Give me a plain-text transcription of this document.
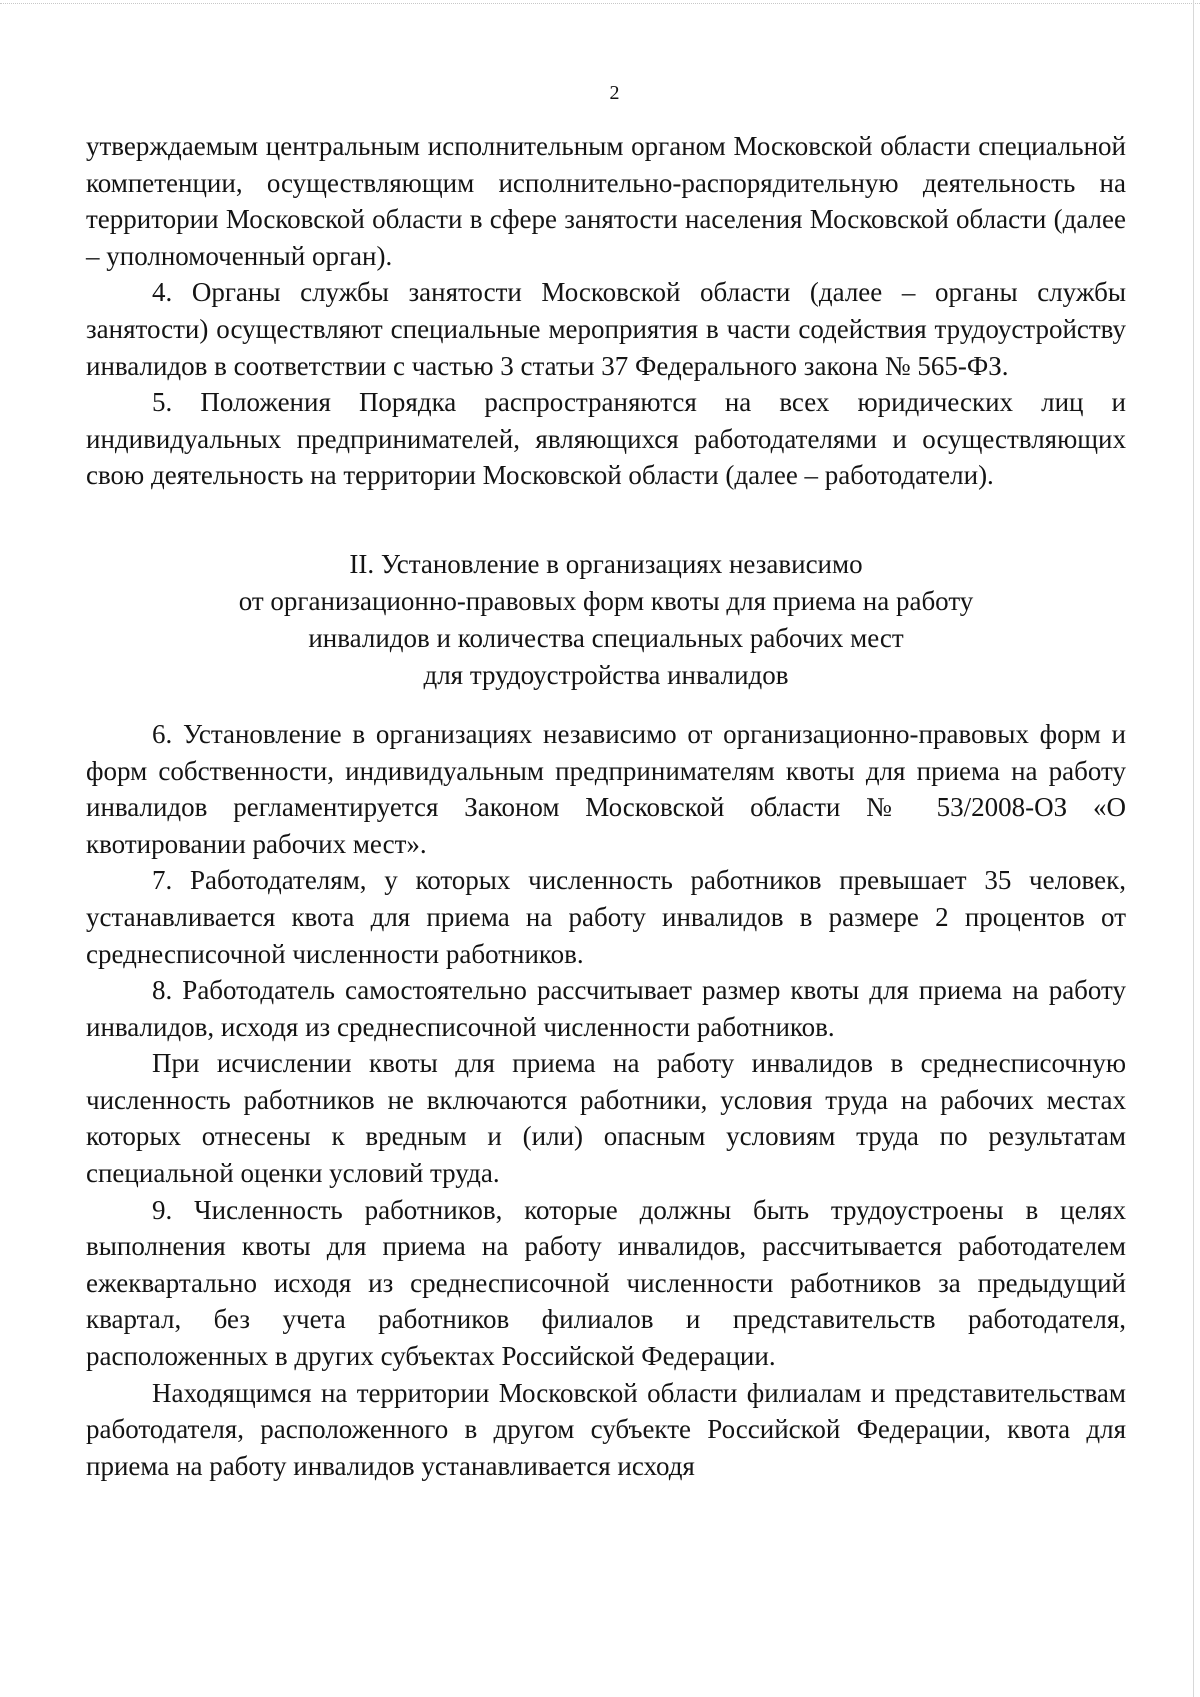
2

утверждаемым центральным исполнительным органом Московской области специальной компетенции, осуществляющим исполнительно-распорядительную деятельность на территории Московской области в сфере занятости населения Московской области (далее – уполномоченный орган).

4. Органы службы занятости Московской области (далее – органы службы занятости) осуществляют специальные мероприятия в части содействия трудоустройству инвалидов в соответствии с частью 3 статьи 37 Федерального закона № 565-ФЗ.

5. Положения Порядка распространяются на всех юридических лиц и индивидуальных предпринимателей, являющихся работодателями и осуществляющих свою деятельность на территории Московской области (далее – работодатели).

II. Установление в организациях независимо
от организационно-правовых форм квоты для приема на работу
инвалидов и количества специальных рабочих мест
для трудоустройства инвалидов

6. Установление в организациях независимо от организационно-правовых форм и форм собственности, индивидуальным предпринимателям квоты для приема на работу инвалидов регламентируется Законом Московской области № 53/2008-ОЗ «О квотировании рабочих мест».

7. Работодателям, у которых численность работников превышает 35 человек, устанавливается квота для приема на работу инвалидов в размере 2 процентов от среднесписочной численности работников.

8. Работодатель самостоятельно рассчитывает размер квоты для приема на работу инвалидов, исходя из среднесписочной численности работников.

При исчислении квоты для приема на работу инвалидов в среднесписочную численность работников не включаются работники, условия труда на рабочих местах которых отнесены к вредным и (или) опасным условиям труда по результатам специальной оценки условий труда.

9. Численность работников, которые должны быть трудоустроены в целях выполнения квоты для приема на работу инвалидов, рассчитывается работодателем ежеквартально исходя из среднесписочной численности работников за предыдущий квартал, без учета работников филиалов и представительств работодателя, расположенных в других субъектах Российской Федерации.

Находящимся на территории Московской области филиалам и представительствам работодателя, расположенного в другом субъекте Российской Федерации, квота для приема на работу инвалидов устанавливается исходя
